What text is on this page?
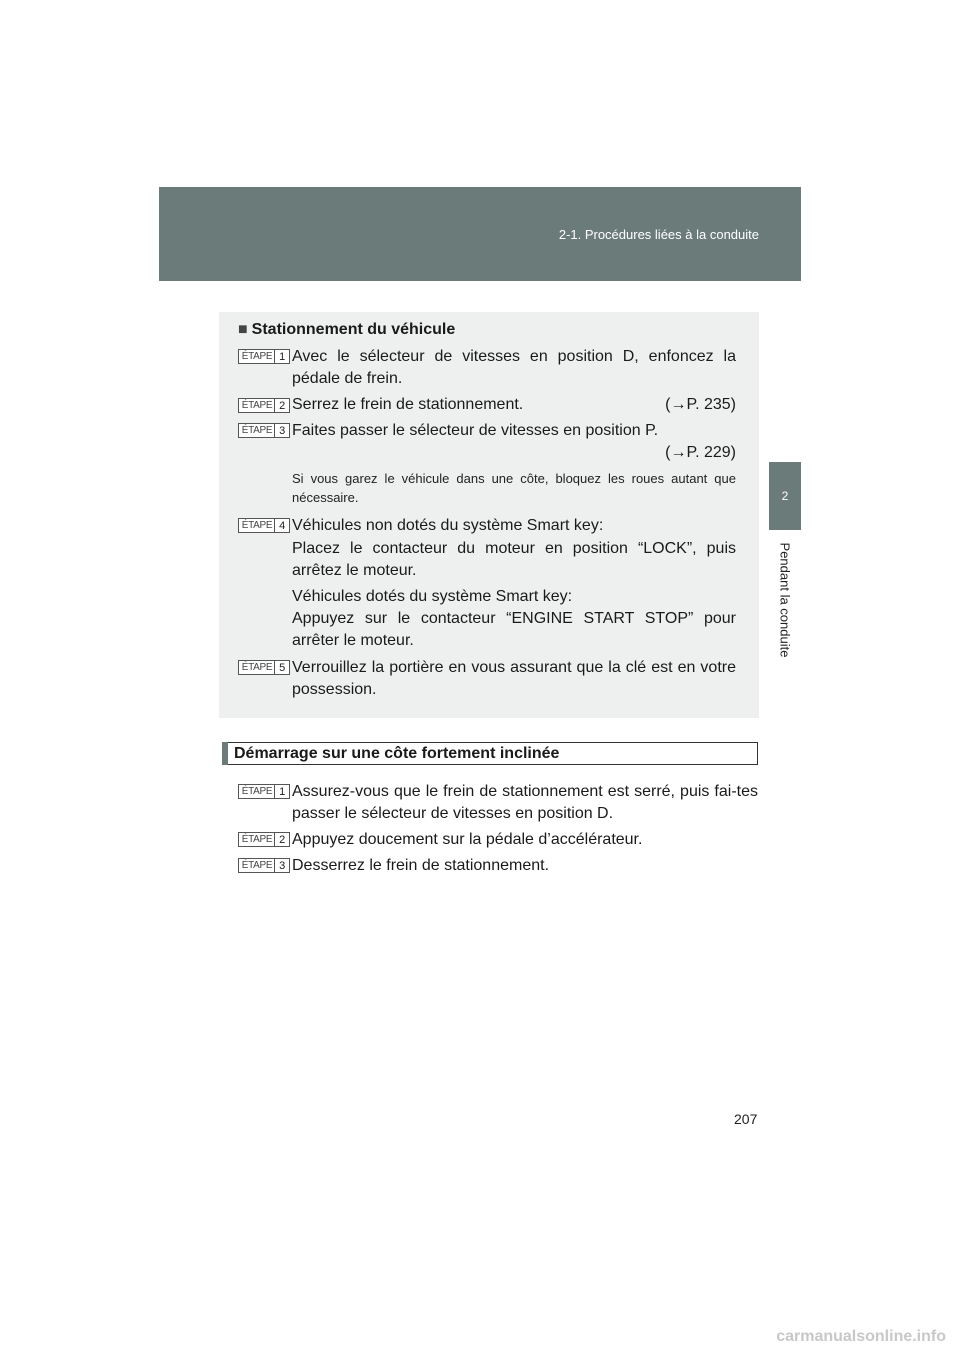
2-1. Procédures liées à la conduite
2
Pendant la conduite
■ Stationnement du véhicule
ÉTAPE 1 Avec le sélecteur de vitesses en position D, enfoncez la pédale de frein.
ÉTAPE 2 Serrez le frein de stationnement.	(→P. 235)
ÉTAPE 3 Faites passer le sélecteur de vitesses en position P.
(→P. 229)
Si vous garez le véhicule dans une côte, bloquez les roues autant que nécessaire.
ÉTAPE 4 Véhicules non dotés du système Smart key:
Placez le contacteur du moteur en position “LOCK”, puis arrêtez le moteur.
Véhicules dotés du système Smart key:
Appuyez sur le contacteur “ENGINE START STOP” pour arrêter le moteur.
ÉTAPE 5 Verrouillez la portière en vous assurant que la clé est en votre possession.
Démarrage sur une côte fortement inclinée
ÉTAPE 1 Assurez-vous que le frein de stationnement est serré, puis fai-tes passer le sélecteur de vitesses en position D.
ÉTAPE 2 Appuyez doucement sur la pédale d’accélérateur.
ÉTAPE 3 Desserrez le frein de stationnement.
207
carmanualsonline.info
